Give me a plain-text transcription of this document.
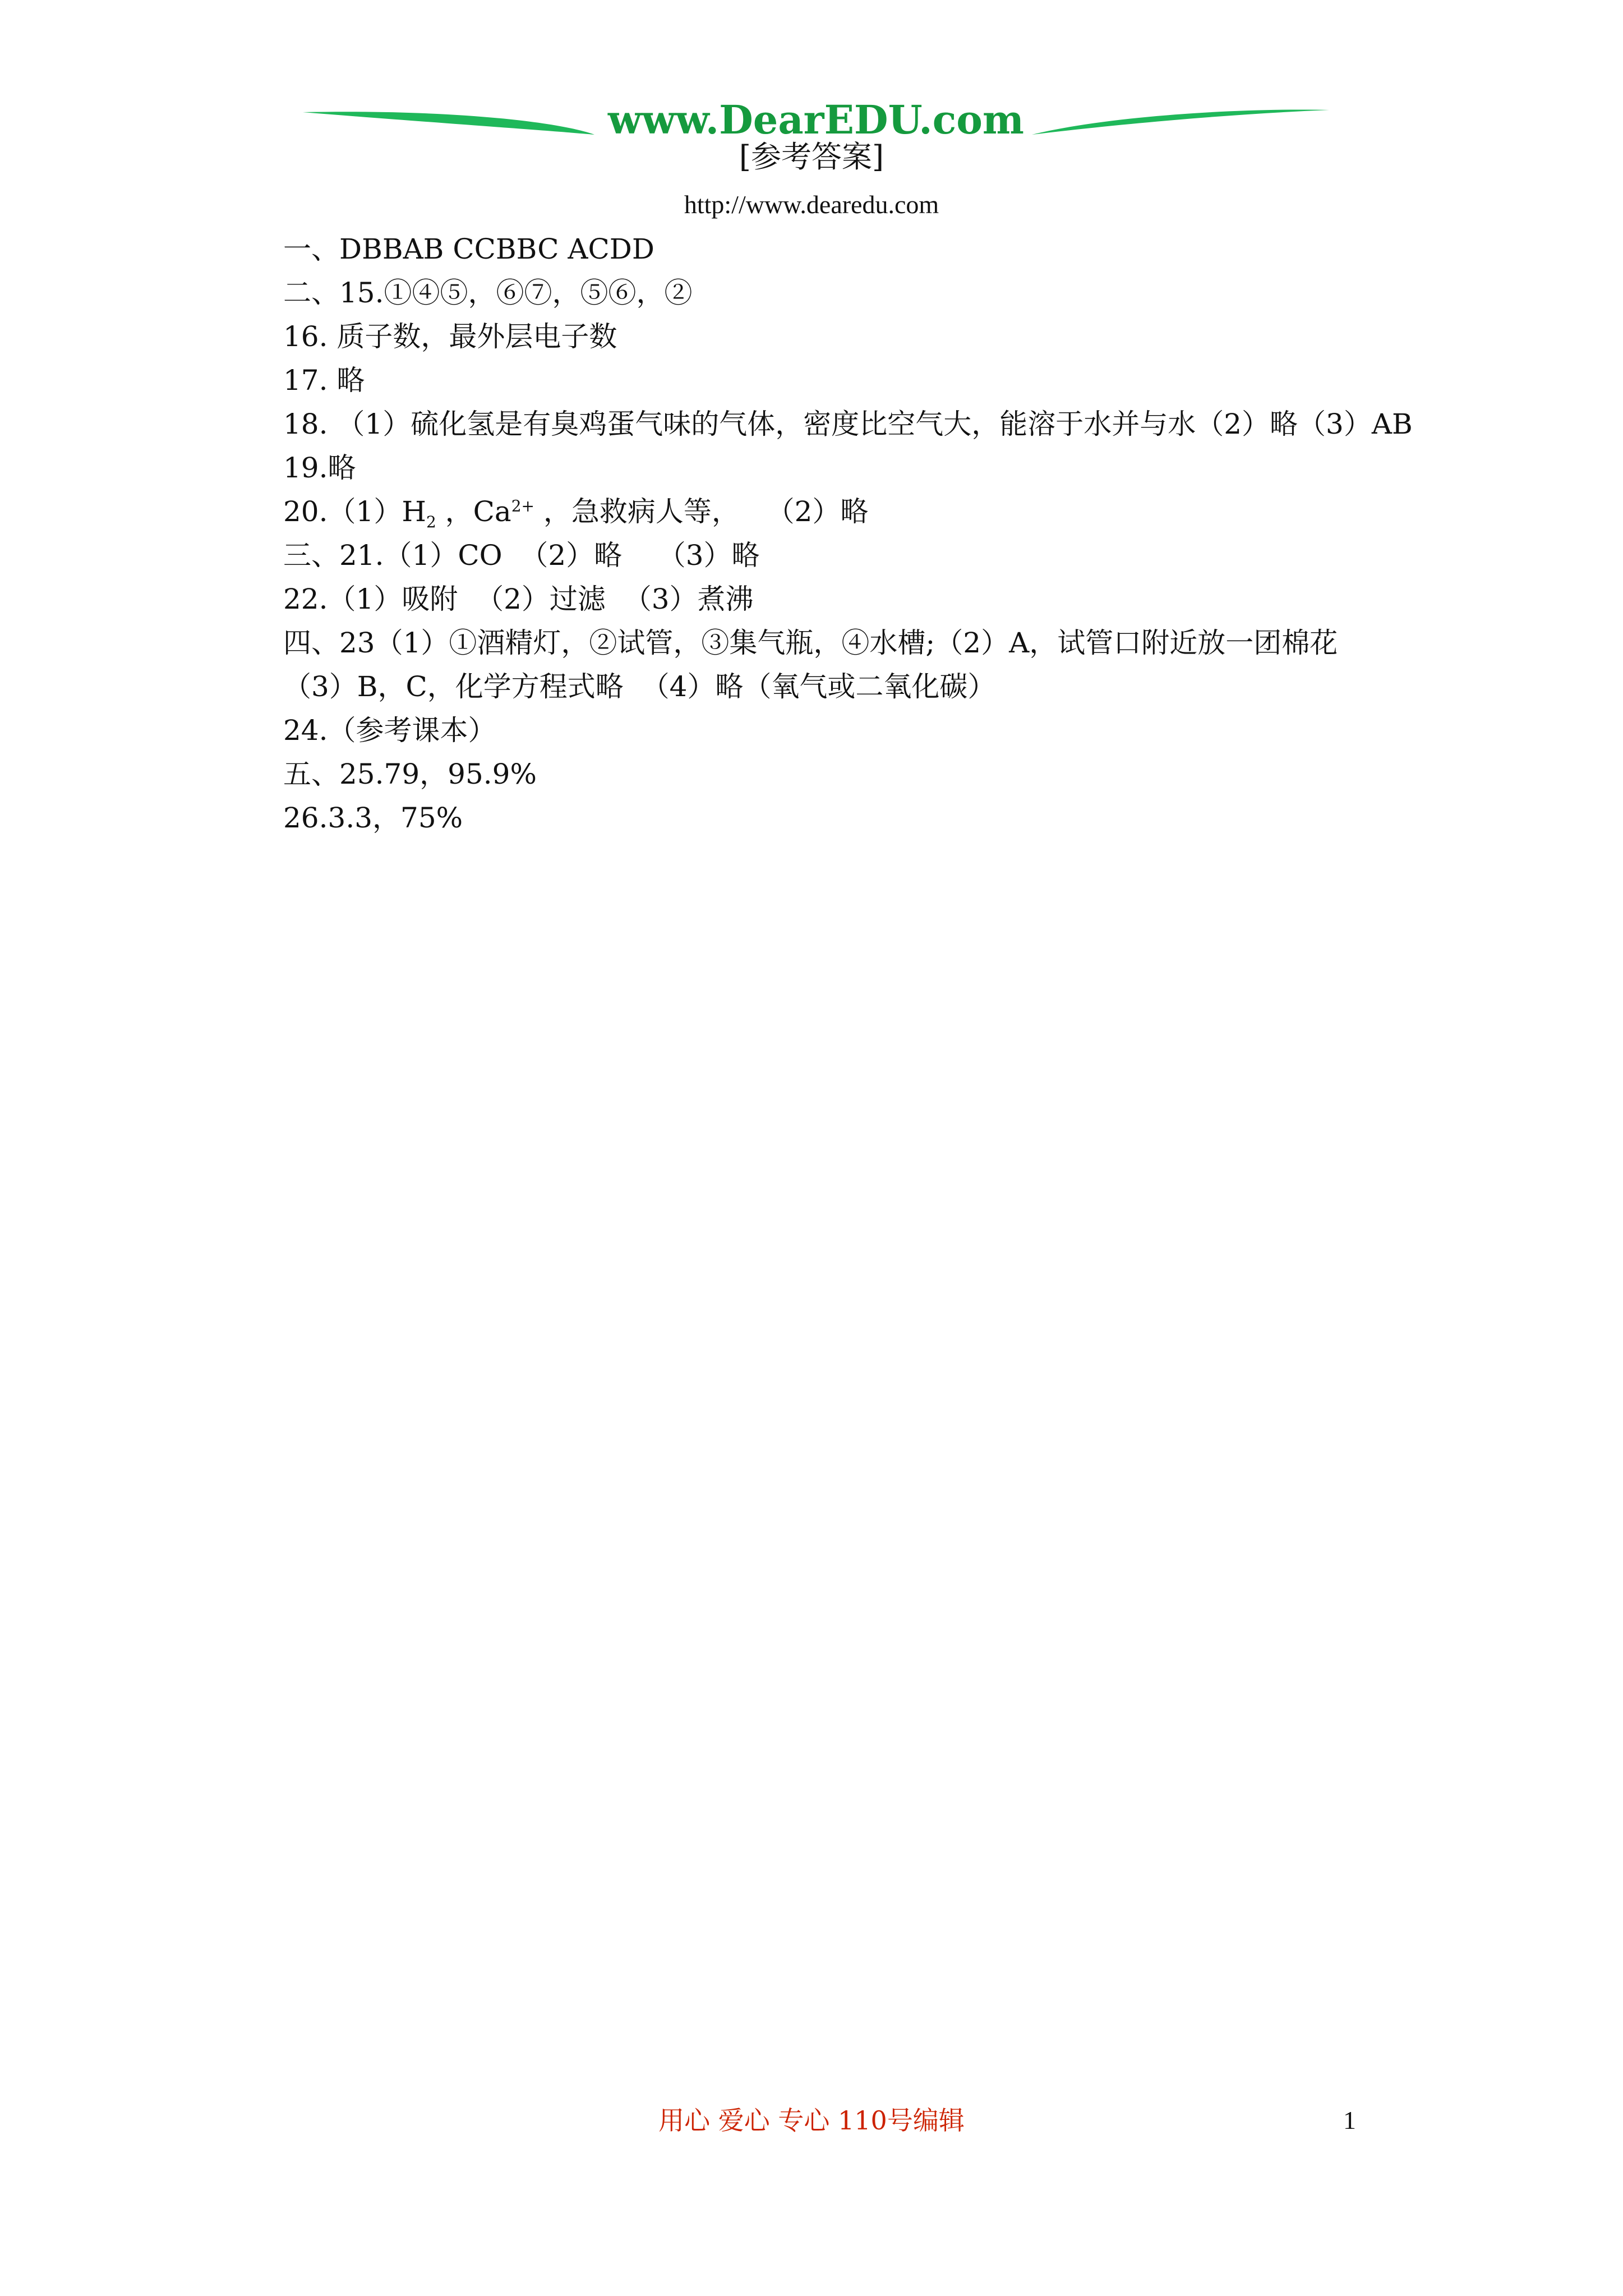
www.DearEDU.com
[参考答案]
http://www.dearedu.com
一、DBBAB CCBBC ACDD
二、15.①④⑤，⑥⑦，⑤⑥，②
16. 质子数，最外层电子数
17. 略
18. （1）硫化氢是有臭鸡蛋气味的气体，密度比空气大，能溶于水并与水（2）略（3）AB
19.略
$20.(1)H_2$ ，$Ca^{2+}$ ，急救病人等，   （2）略
三、21.（1）CO  （2）略    （3）略
22.（1）吸附  （2）过滤  （3）煮沸
四、23（1）①酒精灯，②试管，③集气瓶，④水槽;（2）A，试管口附近放一团棉花
（3）B，C，化学方程式略  （4）略（氧气或二氧化碳）
24.（参考课本）
五、25.79，95.9%
26.3.3，75%
用心 爱心 专心 110号编辑	1
